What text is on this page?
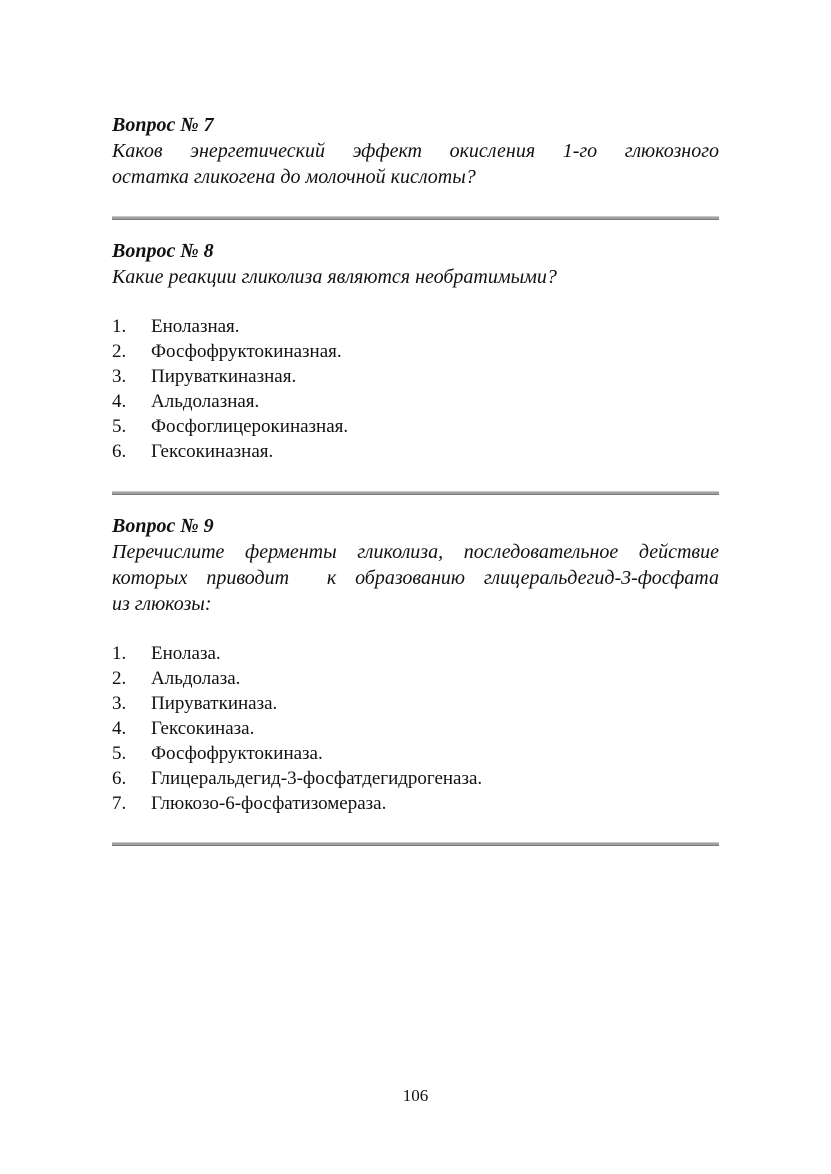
Вопрос № 7
Каков энергетический эффект окисления 1-го глюкозного
остатка гликогена до молочной кислоты?
Вопрос № 8
Какие реакции гликолиза являются необратимыми?
1.	Енолазная.
2.	Фосфофруктокиназная.
3.	Пируваткиназная.
4.	Альдолазная.
5.	Фосфоглицерокиназная.
6.	Гексокиназная.
Вопрос № 9
Перечислите ферменты гликолиза, последовательное действие
которых приводит  к образованию глицеральдегид-3-фосфата
из глюкозы:
1.	Енолаза.
2.	Альдолаза.
3.	Пируваткиназа.
4.	Гексокиназа.
5.	Фосфофруктокиназа.
6.	Глицеральдегид-3-фосфатдегидрогеназа.
7.	Глюкозо-6-фосфатизомераза.
106
